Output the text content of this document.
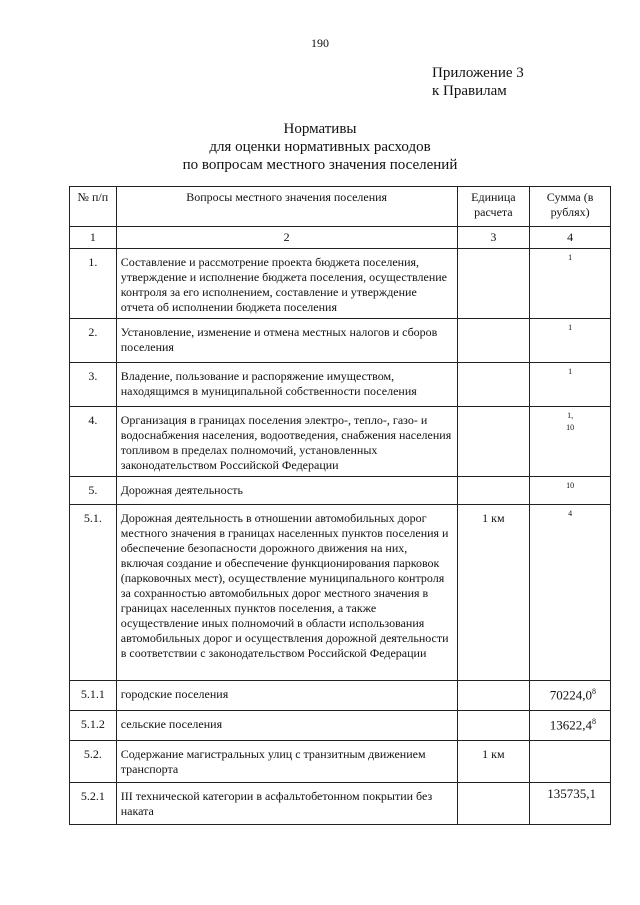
190
Приложение 3
к Правилам
Нормативы
для оценки нормативных расходов
по вопросам местного значения поселений
№ п/п	Вопросы местного значения поселения	Единица расчета	Сумма (в рублях)
1	2	3	4
1.	Составление и рассмотрение проекта бюджета поселения, утверждение и исполнение бюджета поселения, осуществление контроля за его исполнением, составление и утверждение отчета об исполнении бюджета поселения		1

2.	Установление, изменение и отмена местных налогов и сборов поселения		1

3.	Владение, пользование и распоряжение имуществом, находящимся в муниципальной собственности поселения		1

4.	Организация в границах поселения электро-, тепло-, газо- и водоснабжения населения, водоотведения, снабжения населения топливом в пределах полномочий, установленных законодательством Российской Федерации		1,
10

5.	Дорожная деятельность		10

5.1.	Дорожная деятельность в отношении автомобильных дорог местного значения в границах населенных пунктов поселения и обеспечение безопасности дорожного движения на них, включая создание и обеспечение функционирования парковок (парковочных мест), осуществление муниципального контроля за сохранностью автомобильных дорог местного значения в границах населенных пунктов поселения, а также осуществление иных полномочий в области использования автомобильных дорог и осуществления дорожной деятельности в соответствии с законодательством Российской Федерации	1 км	4

5.1.1	городские поселения		70224,0$^8$
5.1.2	сельские поселения		13622,4$^8$
5.2.	Содержание магистральных улиц с транзитным движением транспорта	1 км	
5.2.1	III технической категории в асфальтобетонном покрытии без наката		135735,1
